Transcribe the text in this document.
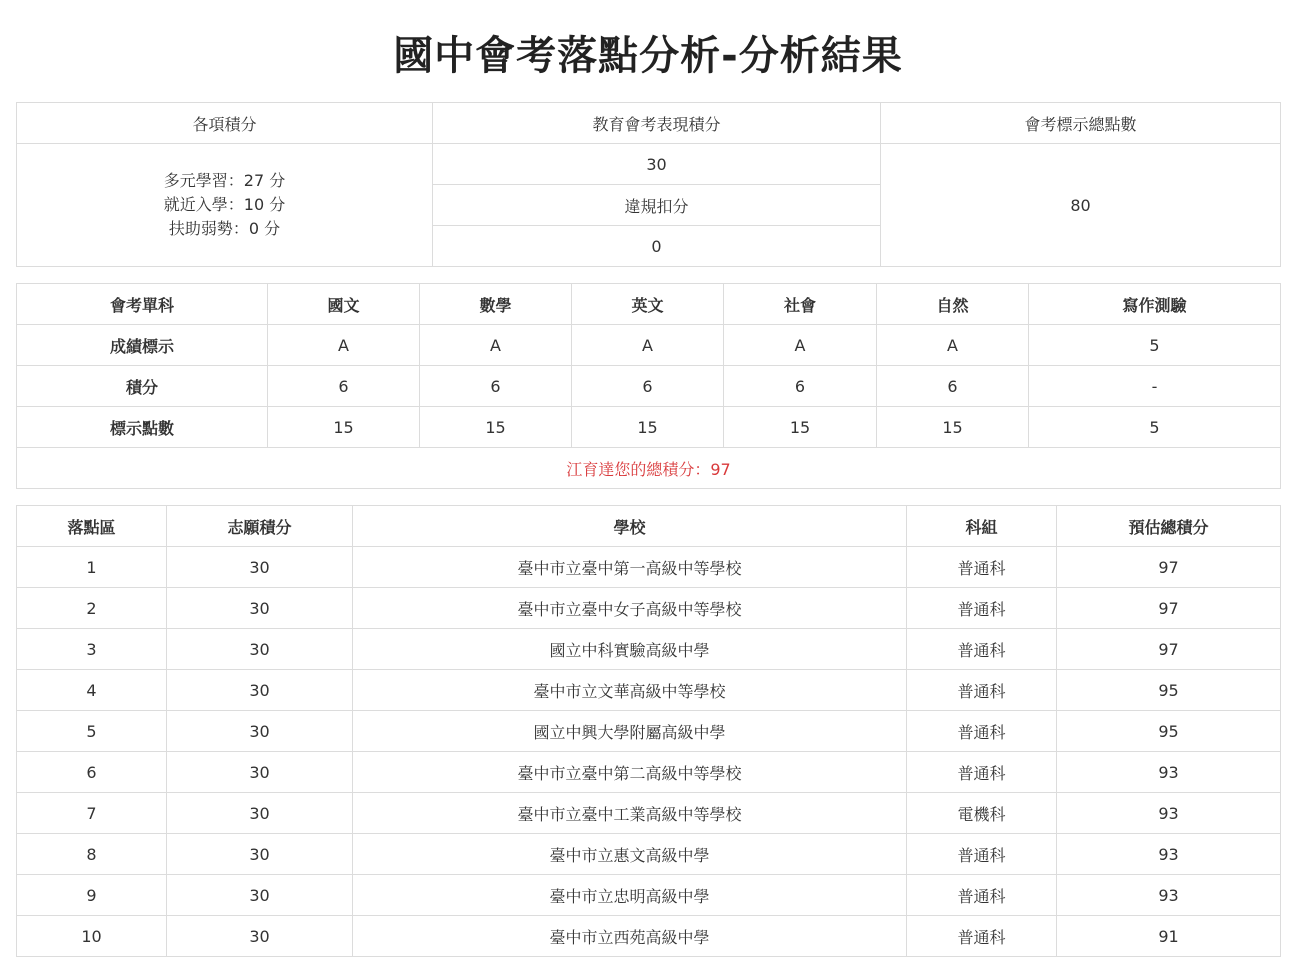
國中會考落點分析-分析結果
各項積分	教育會考表現積分	會考標示總點數

多元學習：27 分
就近入學：10 分
扶助弱勢：0 分	30	80
	違規扣分	
	0	
會考單科	國文	數學	英文	社會	自然	寫作測驗
成績標示	A	A	A	A	A	5
積分	6	6	6	6	6	-
標示點數	15	15	15	15	15	5
江育達您的總積分：97						
落點區	志願積分	學校	科組	預估總積分
1	30	臺中市立臺中第一高級中等學校	普通科	97
2	30	臺中市立臺中女子高級中等學校	普通科	97
3	30	國立中科實驗高級中學	普通科	97
4	30	臺中市立文華高級中等學校	普通科	95
5	30	國立中興大學附屬高級中學	普通科	95
6	30	臺中市立臺中第二高級中等學校	普通科	93
7	30	臺中市立臺中工業高級中等學校	電機科	93
8	30	臺中市立惠文高級中學	普通科	93
9	30	臺中市立忠明高級中學	普通科	93
10	30	臺中市立西苑高級中學	普通科	91
